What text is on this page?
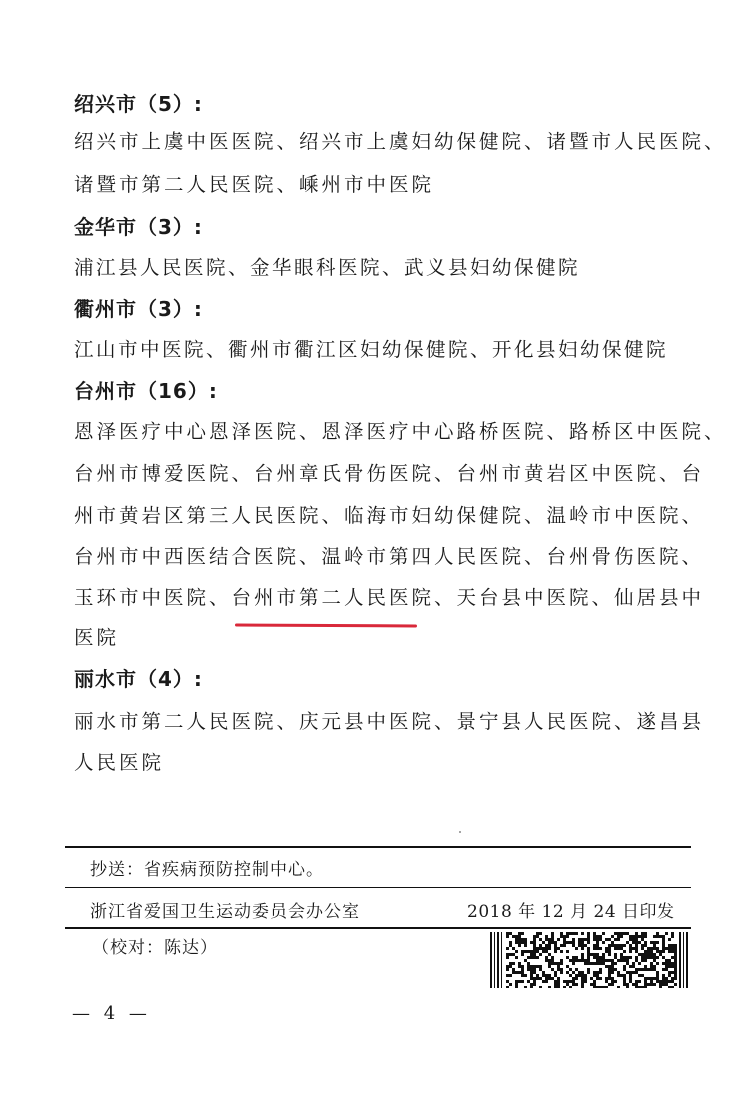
绍兴市（5）:
绍兴市上虞中医医院、绍兴市上虞妇幼保健院、诸暨市人民医院、
诸暨市第二人民医院、嵊州市中医院
金华市（3）:
浦江县人民医院、金华眼科医院、武义县妇幼保健院
衢州市（3）:
江山市中医院、衢州市衢江区妇幼保健院、开化县妇幼保健院
台州市（16）:
恩泽医疗中心恩泽医院、恩泽医疗中心路桥医院、路桥区中医院、
台州市博爱医院、台州章氏骨伤医院、台州市黄岩区中医院、台
州市黄岩区第三人民医院、临海市妇幼保健院、温岭市中医院、
台州市中西医结合医院、温岭市第四人民医院、台州骨伤医院、
玉环市中医院、台州市第二人民医院、天台县中医院、仙居县中
医院
丽水市（4）:
丽水市第二人民医院、庆元县中医院、景宁县人民医院、遂昌县
人民医院
抄送：省疾病预防控制中心。
浙江省爱国卫生运动委员会办公室	2018 年 12 月 24 日印发
（校对：陈达）
— 4 —
